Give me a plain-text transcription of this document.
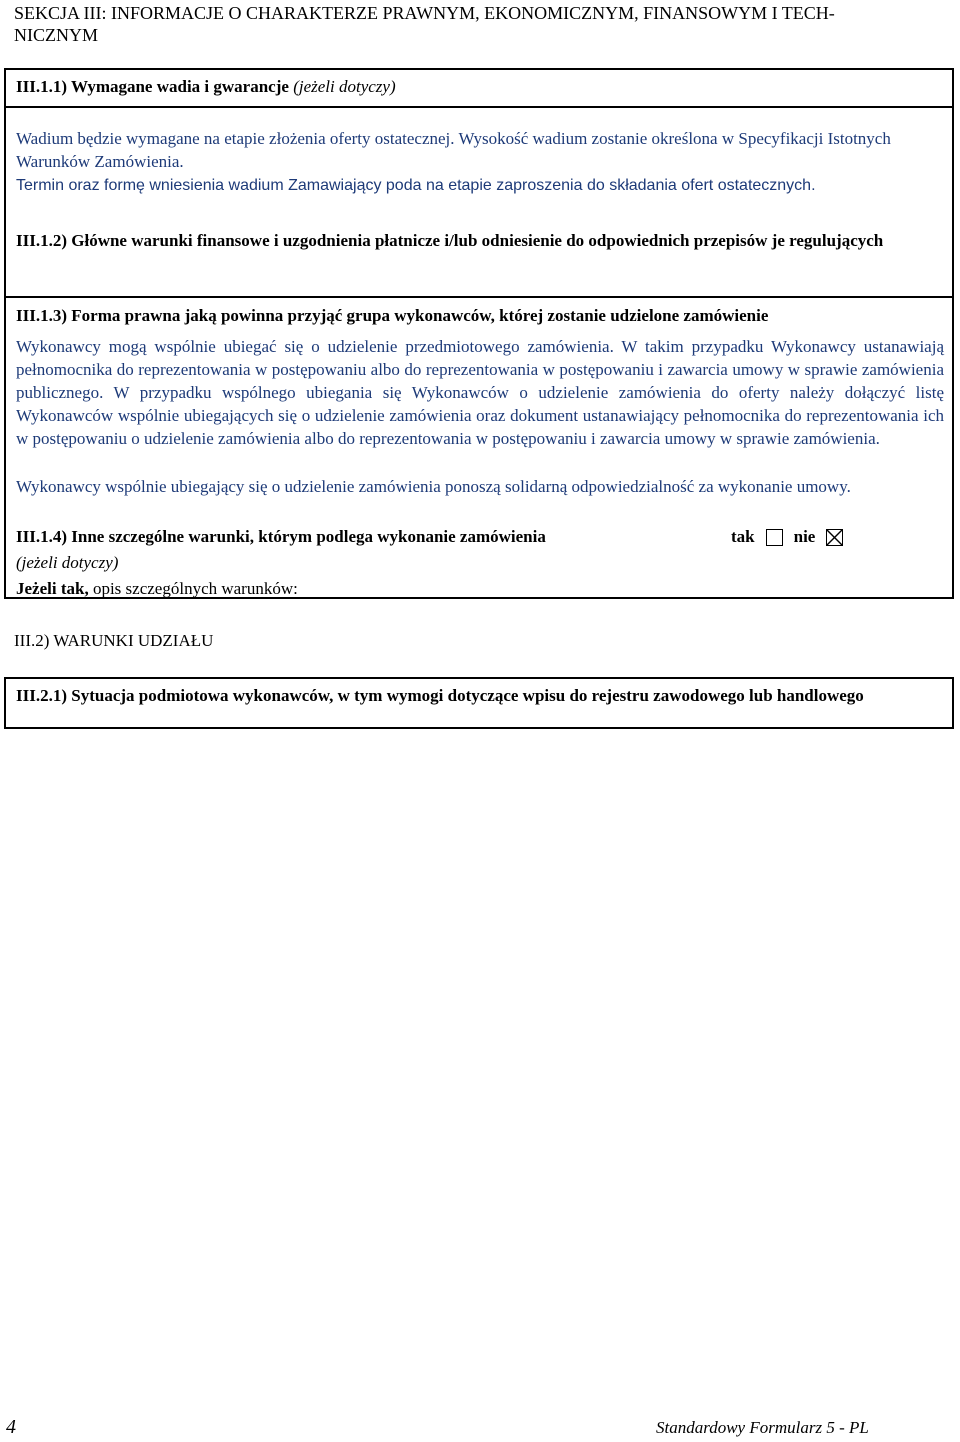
SEKCJA III: INFORMACJE O CHARAKTERZE PRAWNYM, EKONOMICZNYM, FINANSOWYM I TECH-
NICZNYM
III.1.1) Wymagane wadia i gwarancje (jeżeli dotyczy)
Wadium będzie wymagane na etapie złożenia oferty ostatecznej. Wysokość wadium zostanie określona w Specyfikacji Istotnych Warunków Zamówienia.
Termin oraz formę wniesienia wadium Zamawiający poda na etapie zaproszenia do składania ofert ostatecznych.
III.1.2) Główne warunki finansowe i uzgodnienia płatnicze i/lub odniesienie do odpowiednich przepisów je regulujących
III.1.3) Forma prawna jaką powinna przyjąć grupa wykonawców, której zostanie udzielone zamówienie
Wykonawcy mogą wspólnie ubiegać się o udzielenie przedmiotowego zamówienia. W takim przypadku Wykonawcy ustanawiają pełnomocnika do reprezentowania w postępowaniu albo do reprezentowania w postępowaniu i zawarcia umowy w sprawie zamówienia publicznego. W przypadku wspólnego ubiegania się Wykonawców o udzielenie zamówienia do oferty należy dołączyć listę Wykonawców wspólnie ubiegających się o udzielenie zamówienia oraz dokument ustanawiający pełnomocnika do reprezentowania ich w postępowaniu o udzielenie zamówienia albo do reprezentowania w postępowaniu i zawarcia umowy w sprawie zamówienia.
Wykonawcy wspólnie ubiegający się o udzielenie zamówienia ponoszą solidarną odpowiedzialność za wykonanie umowy.
III.1.4) Inne szczególne warunki, którym podlega wykonanie zamówienia	tak nie
(jeżeli dotyczy)
Jeżeli tak, opis szczególnych warunków:
III.2) WARUNKI UDZIAŁU
III.2.1) Sytuacja podmiotowa wykonawców, w tym wymogi dotyczące wpisu do rejestru zawodowego lub handlowego
4	Standardowy Formularz 5 - PL
